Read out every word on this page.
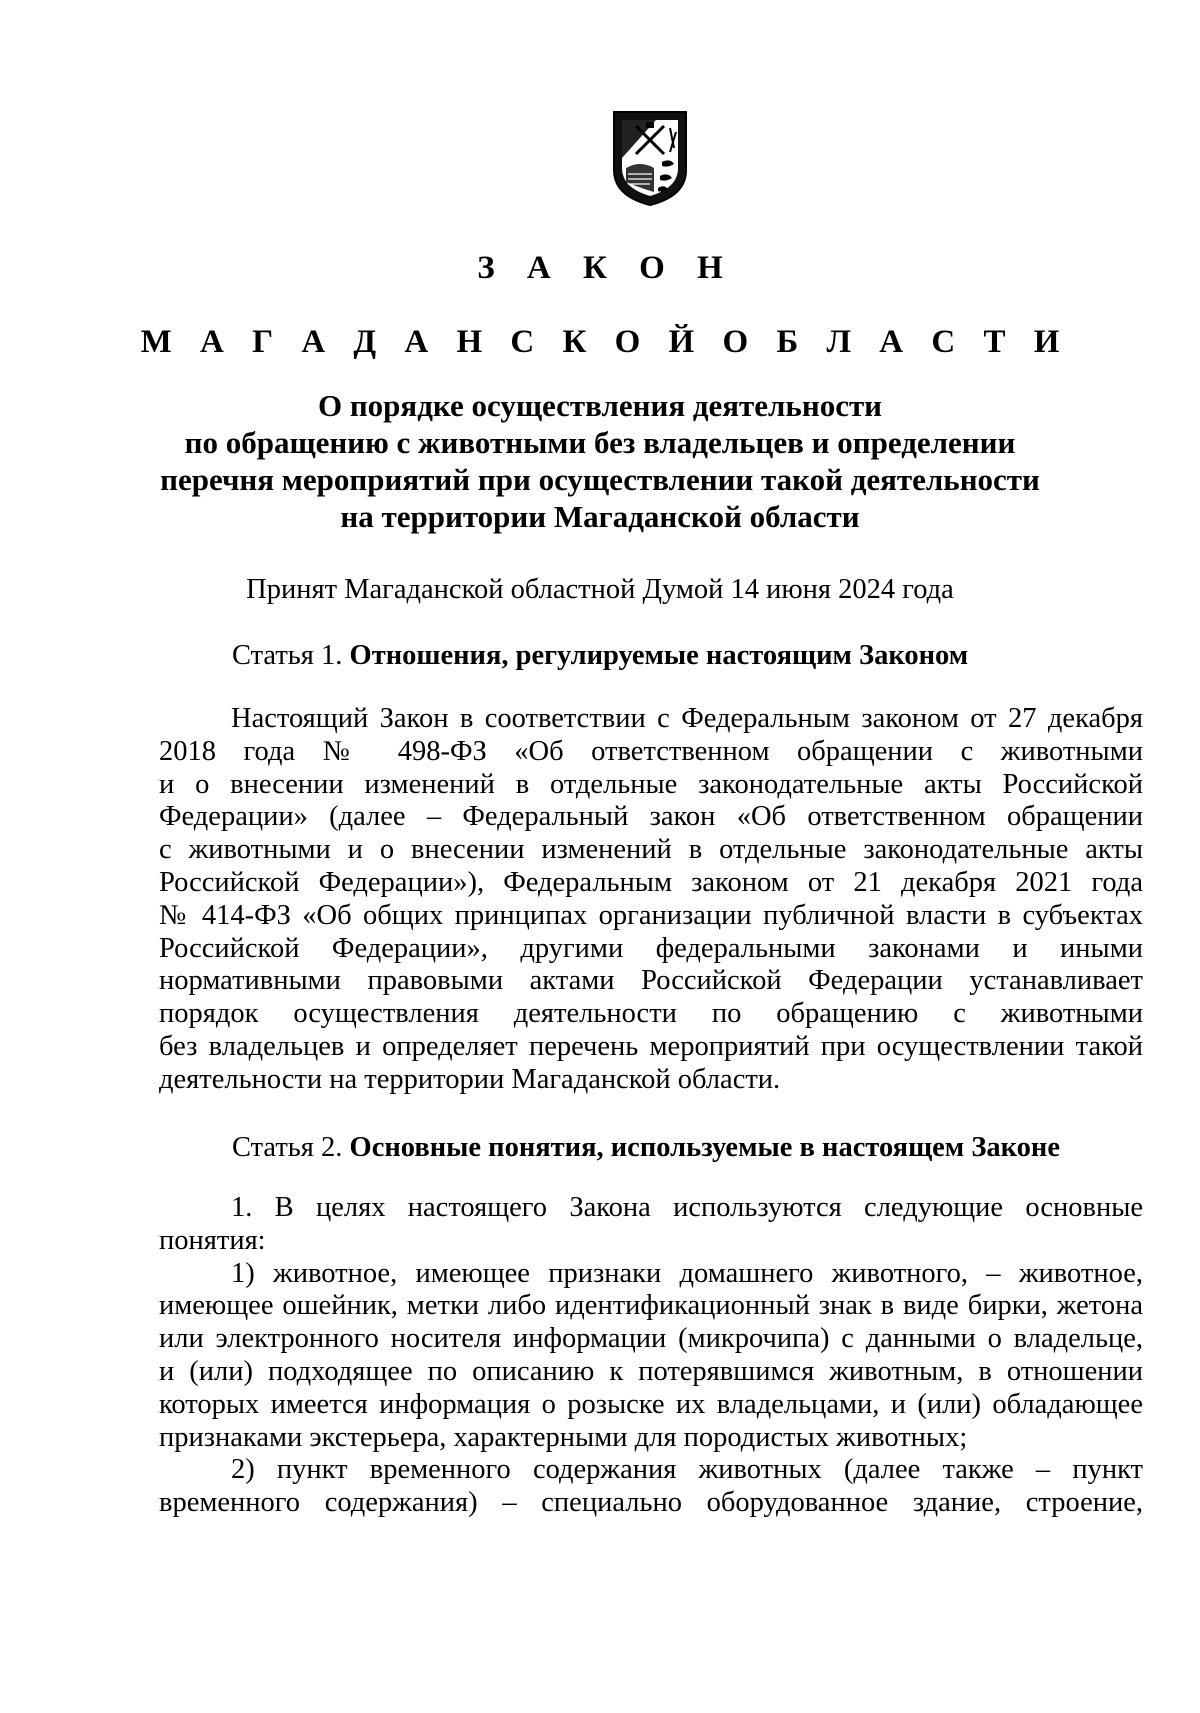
З А К О Н
М А Г А Д А Н С К О Й О Б Л А С Т И
О порядке осуществления деятельности
по обращению с животными без владельцев и определении
перечня мероприятий при осуществлении такой деятельности
на территории Магаданской области
Принят Магаданской областной Думой 14 июня 2024 года
Статья 1. Отношения, регулируемые настоящим Законом
Настоящий Закон в соответствии с Федеральным законом от 27 декабря
2018 года № 498-ФЗ «Об ответственном обращении с животными
и о внесении изменений в отдельные законодательные акты Российской
Федерации» (далее – Федеральный закон «Об ответственном обращении
с животными и о внесении изменений в отдельные законодательные акты
Российской Федерации»), Федеральным законом от 21 декабря 2021 года
№ 414-ФЗ «Об общих принципах организации публичной власти в субъектах
Российской Федерации», другими федеральными законами и иными
нормативными правовыми актами Российской Федерации устанавливает
порядок осуществления деятельности по обращению с животными
без владельцев и определяет перечень мероприятий при осуществлении такой
деятельности на территории Магаданской области.
Статья 2. Основные понятия, используемые в настоящем Законе
1. В целях настоящего Закона используются следующие основные
понятия:
1) животное, имеющее признаки домашнего животного, – животное,
имеющее ошейник, метки либо идентификационный знак в виде бирки, жетона
или электронного носителя информации (микрочипа) с данными о владельце,
и (или) подходящее по описанию к потерявшимся животным, в отношении
которых имеется информация о розыске их владельцами, и (или) обладающее
признаками экстерьера, характерными для породистых животных;
2) пункт временного содержания животных (далее также – пункт
временного содержания) – специально оборудованное здание, строение,
